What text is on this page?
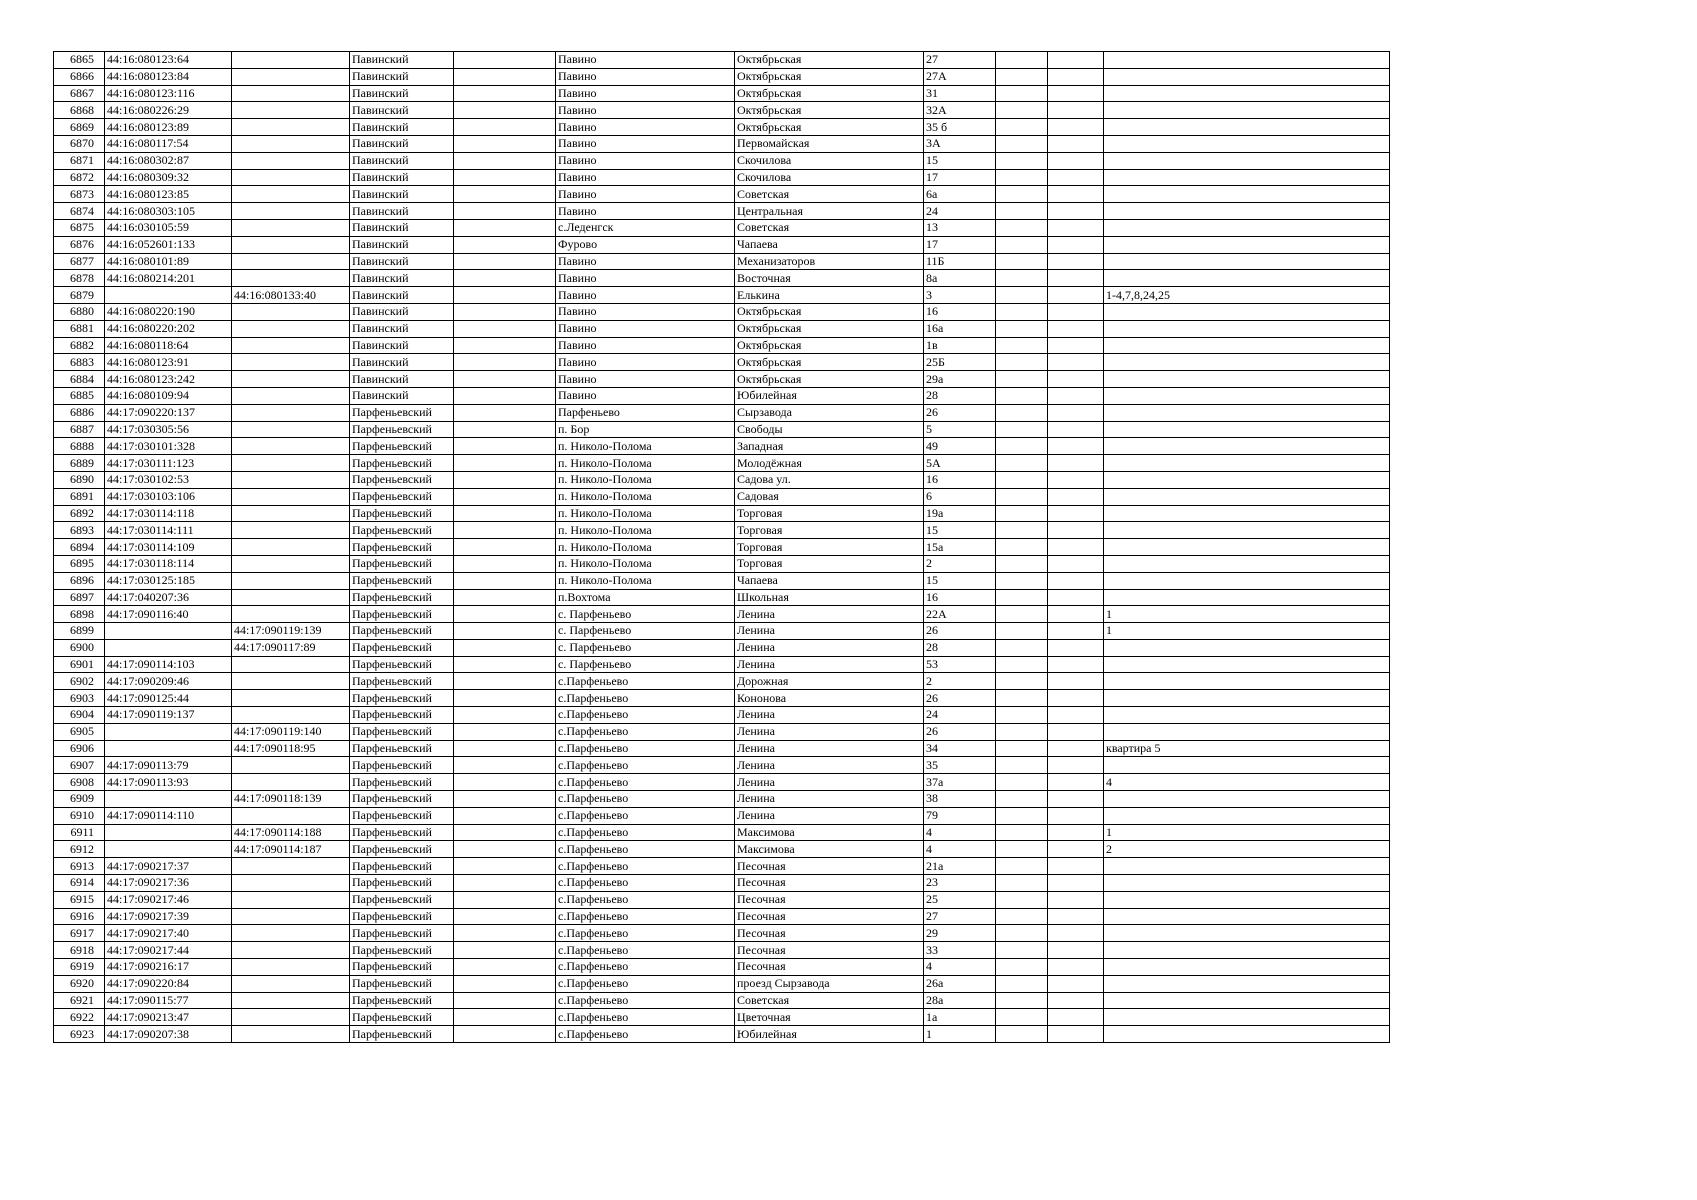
6865	44:16:080123:64		Павинский		Павино	Октябрьская	27			
6866	44:16:080123:84		Павинский		Павино	Октябрьская	27А			
6867	44:16:080123:116		Павинский		Павино	Октябрьская	31			
6868	44:16:080226:29		Павинский		Павино	Октябрьская	32А			
6869	44:16:080123:89		Павинский		Павино	Октябрьская	35 б			
6870	44:16:080117:54		Павинский		Павино	Первомайская	3А			
6871	44:16:080302:87		Павинский		Павино	Скочилова	15			
6872	44:16:080309:32		Павинский		Павино	Скочилова	17			
6873	44:16:080123:85		Павинский		Павино	Советская	6а			
6874	44:16:080303:105		Павинский		Павино	Центральная	24			
6875	44:16:030105:59		Павинский		с.Леденгск	Советская	13			
6876	44:16:052601:133		Павинский		Фурово	Чапаева	17			
6877	44:16:080101:89		Павинский		Павино	Механизаторов	11Б			
6878	44:16:080214:201		Павинский		Павино	Восточная	8а			
6879		44:16:080133:40	Павинский		Павино	Елькина	3			1-4,7,8,24,25
6880	44:16:080220:190		Павинский		Павино	Октябрьская	16			
6881	44:16:080220:202		Павинский		Павино	Октябрьская	16а			
6882	44:16:080118:64		Павинский		Павино	Октябрьская	1в			
6883	44:16:080123:91		Павинский		Павино	Октябрьская	25Б			
6884	44:16:080123:242		Павинский		Павино	Октябрьская	29а			
6885	44:16:080109:94		Павинский		Павино	Юбилейная	28			
6886	44:17:090220:137		Парфеньевский		Парфеньево	Сырзавода	26			
6887	44:17:030305:56		Парфеньевский		п. Бор	Свободы	5			
6888	44:17:030101:328		Парфеньевский		п. Николо-Полома	Западная	49			
6889	44:17:030111:123		Парфеньевский		п. Николо-Полома	Молодёжная	5А			
6890	44:17:030102:53		Парфеньевский		п. Николо-Полома	Садова ул.	16			
6891	44:17:030103:106		Парфеньевский		п. Николо-Полома	Садовая	6			
6892	44:17:030114:118		Парфеньевский		п. Николо-Полома	Торговая	19а			
6893	44:17:030114:111		Парфеньевский		п. Николо-Полома	Торговая	15			
6894	44:17:030114:109		Парфеньевский		п. Николо-Полома	Торговая	15а			
6895	44:17:030118:114		Парфеньевский		п. Николо-Полома	Торговая	2			
6896	44:17:030125:185		Парфеньевский		п. Николо-Полома	Чапаева	15			
6897	44:17:040207:36		Парфеньевский		п.Вохтома	Школьная	16			
6898	44:17:090116:40		Парфеньевский		с. Парфеньево	Ленина	22А			1
6899		44:17:090119:139	Парфеньевский		с. Парфеньево	Ленина	26			1
6900		44:17:090117:89	Парфеньевский		с. Парфеньево	Ленина	28			
6901	44:17:090114:103		Парфеньевский		с. Парфеньево	Ленина	53			
6902	44:17:090209:46		Парфеньевский		с.Парфеньево	Дорожная	2			
6903	44:17:090125:44		Парфеньевский		с.Парфеньево	Кононова	26			
6904	44:17:090119:137		Парфеньевский		с.Парфеньево	Ленина	24			
6905		44:17:090119:140	Парфеньевский		с.Парфеньево	Ленина	26			
6906		44:17:090118:95	Парфеньевский		с.Парфеньево	Ленина	34			квартира 5
6907	44:17:090113:79		Парфеньевский		с.Парфеньево	Ленина	35			
6908	44:17:090113:93		Парфеньевский		с.Парфеньево	Ленина	37а			4
6909		44:17:090118:139	Парфеньевский		с.Парфеньево	Ленина	38			
6910	44:17:090114:110		Парфеньевский		с.Парфеньево	Ленина	79			
6911		44:17:090114:188	Парфеньевский		с.Парфеньево	Максимова	4			1
6912		44:17:090114:187	Парфеньевский		с.Парфеньево	Максимова	4			2
6913	44:17:090217:37		Парфеньевский		с.Парфеньево	Песочная	21а			
6914	44:17:090217:36		Парфеньевский		с.Парфеньево	Песочная	23			
6915	44:17:090217:46		Парфеньевский		с.Парфеньево	Песочная	25			
6916	44:17:090217:39		Парфеньевский		с.Парфеньево	Песочная	27			
6917	44:17:090217:40		Парфеньевский		с.Парфеньево	Песочная	29			
6918	44:17:090217:44		Парфеньевский		с.Парфеньево	Песочная	33			
6919	44:17:090216:17		Парфеньевский		с.Парфеньево	Песочная	4			
6920	44:17:090220:84		Парфеньевский		с.Парфеньево	проезд Сырзавода	26а			
6921	44:17:090115:77		Парфеньевский		с.Парфеньево	Советская	28а			
6922	44:17:090213:47		Парфеньевский		с.Парфеньево	Цветочная	1а			
6923	44:17:090207:38		Парфеньевский		с.Парфеньево	Юбилейная	1			
